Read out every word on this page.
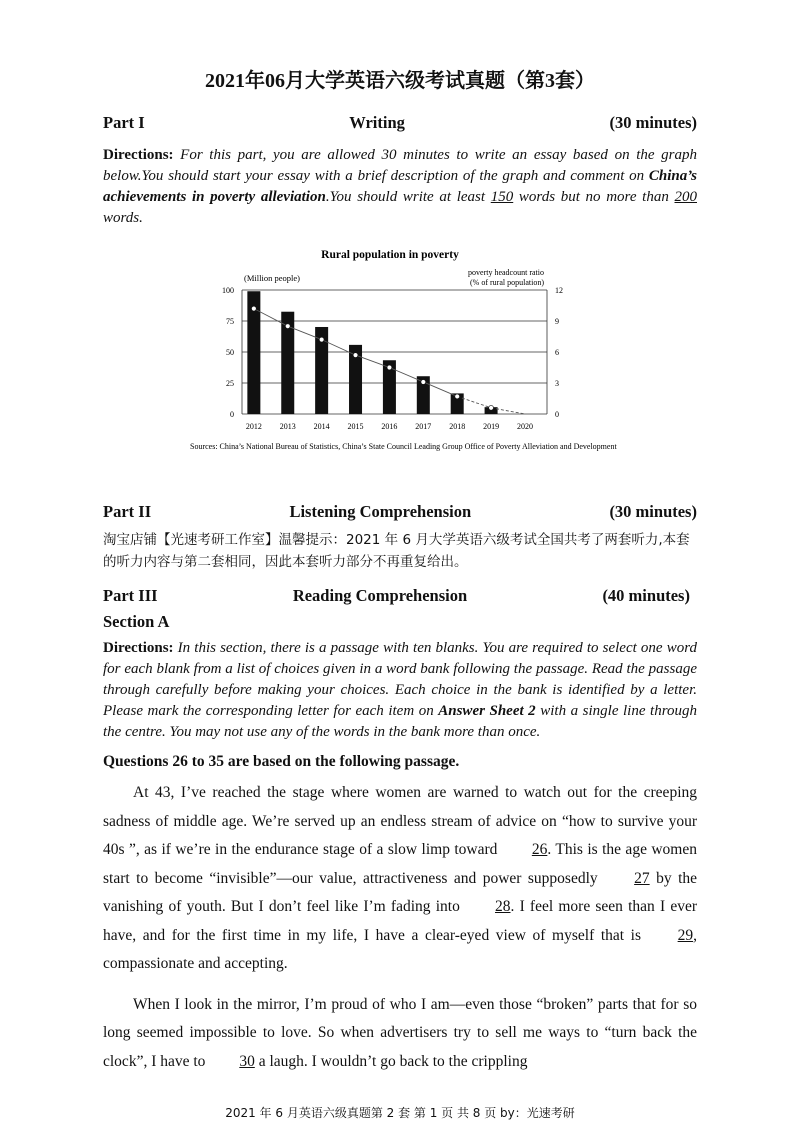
2021年06月大学英语六级考试真题（第3套）
Part I	Writing	(30 minutes)
Directions: For this part, you are allowed 30 minutes to write an essay based on the graph below.You should start your essay with a brief description of the graph and comment on China’s achievements in poverty alleviation.You should write at least 150 words but no more than 200 words.
Rural population in poverty
(Million people)
poverty headcount ratio
(% of rural population)
0
25
50
75
100
0
3
6
9
12
2012 2013 2014 2015 2016 2017 2018 2019 2020
Sources: China’s National Bureau of Statistics, China’s State Council Leading Group Office of Poverty Alleviation and Development
Part II	Listening Comprehension	(30 minutes)
淘宝店铺【光速考研工作室】温馨提示：2021 年 6 月大学英语六级考试全国共考了两套听力,本套的听力内容与第二套相同，因此本套听力部分不再重复给出。
Part III	Reading Comprehension	(40 minutes)
Section A
Directions: In this section, there is a passage with ten blanks. You are required to select one word for each blank from a list of choices given in a word bank following the passage. Read the passage through carefully before making your choices. Each choice in the bank is identified by a letter. Please mark the corresponding letter for each item on Answer Sheet 2 with a single line through the centre. You may not use any of the words in the bank more than once.
Questions 26 to 35 are based on the following passage.

At 43, I’ve reached the stage where women are warned to watch out for the creeping sadness of middle age. We’re served up an endless stream of advice on “how to survive your 40s ”, as if we’re in the endurance stage of a slow limp toward 26. This is the age women start to become “invisible”—our value, attractiveness and power supposedly 27 by the vanishing of youth. But I don’t feel like I’m fading into 28. I feel more seen than I ever have, and for the first time in my life, I have a clear-eyed view of myself that is 29, compassionate and accepting.

When I look in the mirror, I’m proud of who I am—even those “broken” parts that for so long seemed impossible to love. So when advertisers try to sell me ways to “turn back the clock”, I have to 30 a laugh. I wouldn’t go back to the crippling

2021 年 6 月英语六级真题第 2 套 第 1 页 共 8 页 by：光速考研
